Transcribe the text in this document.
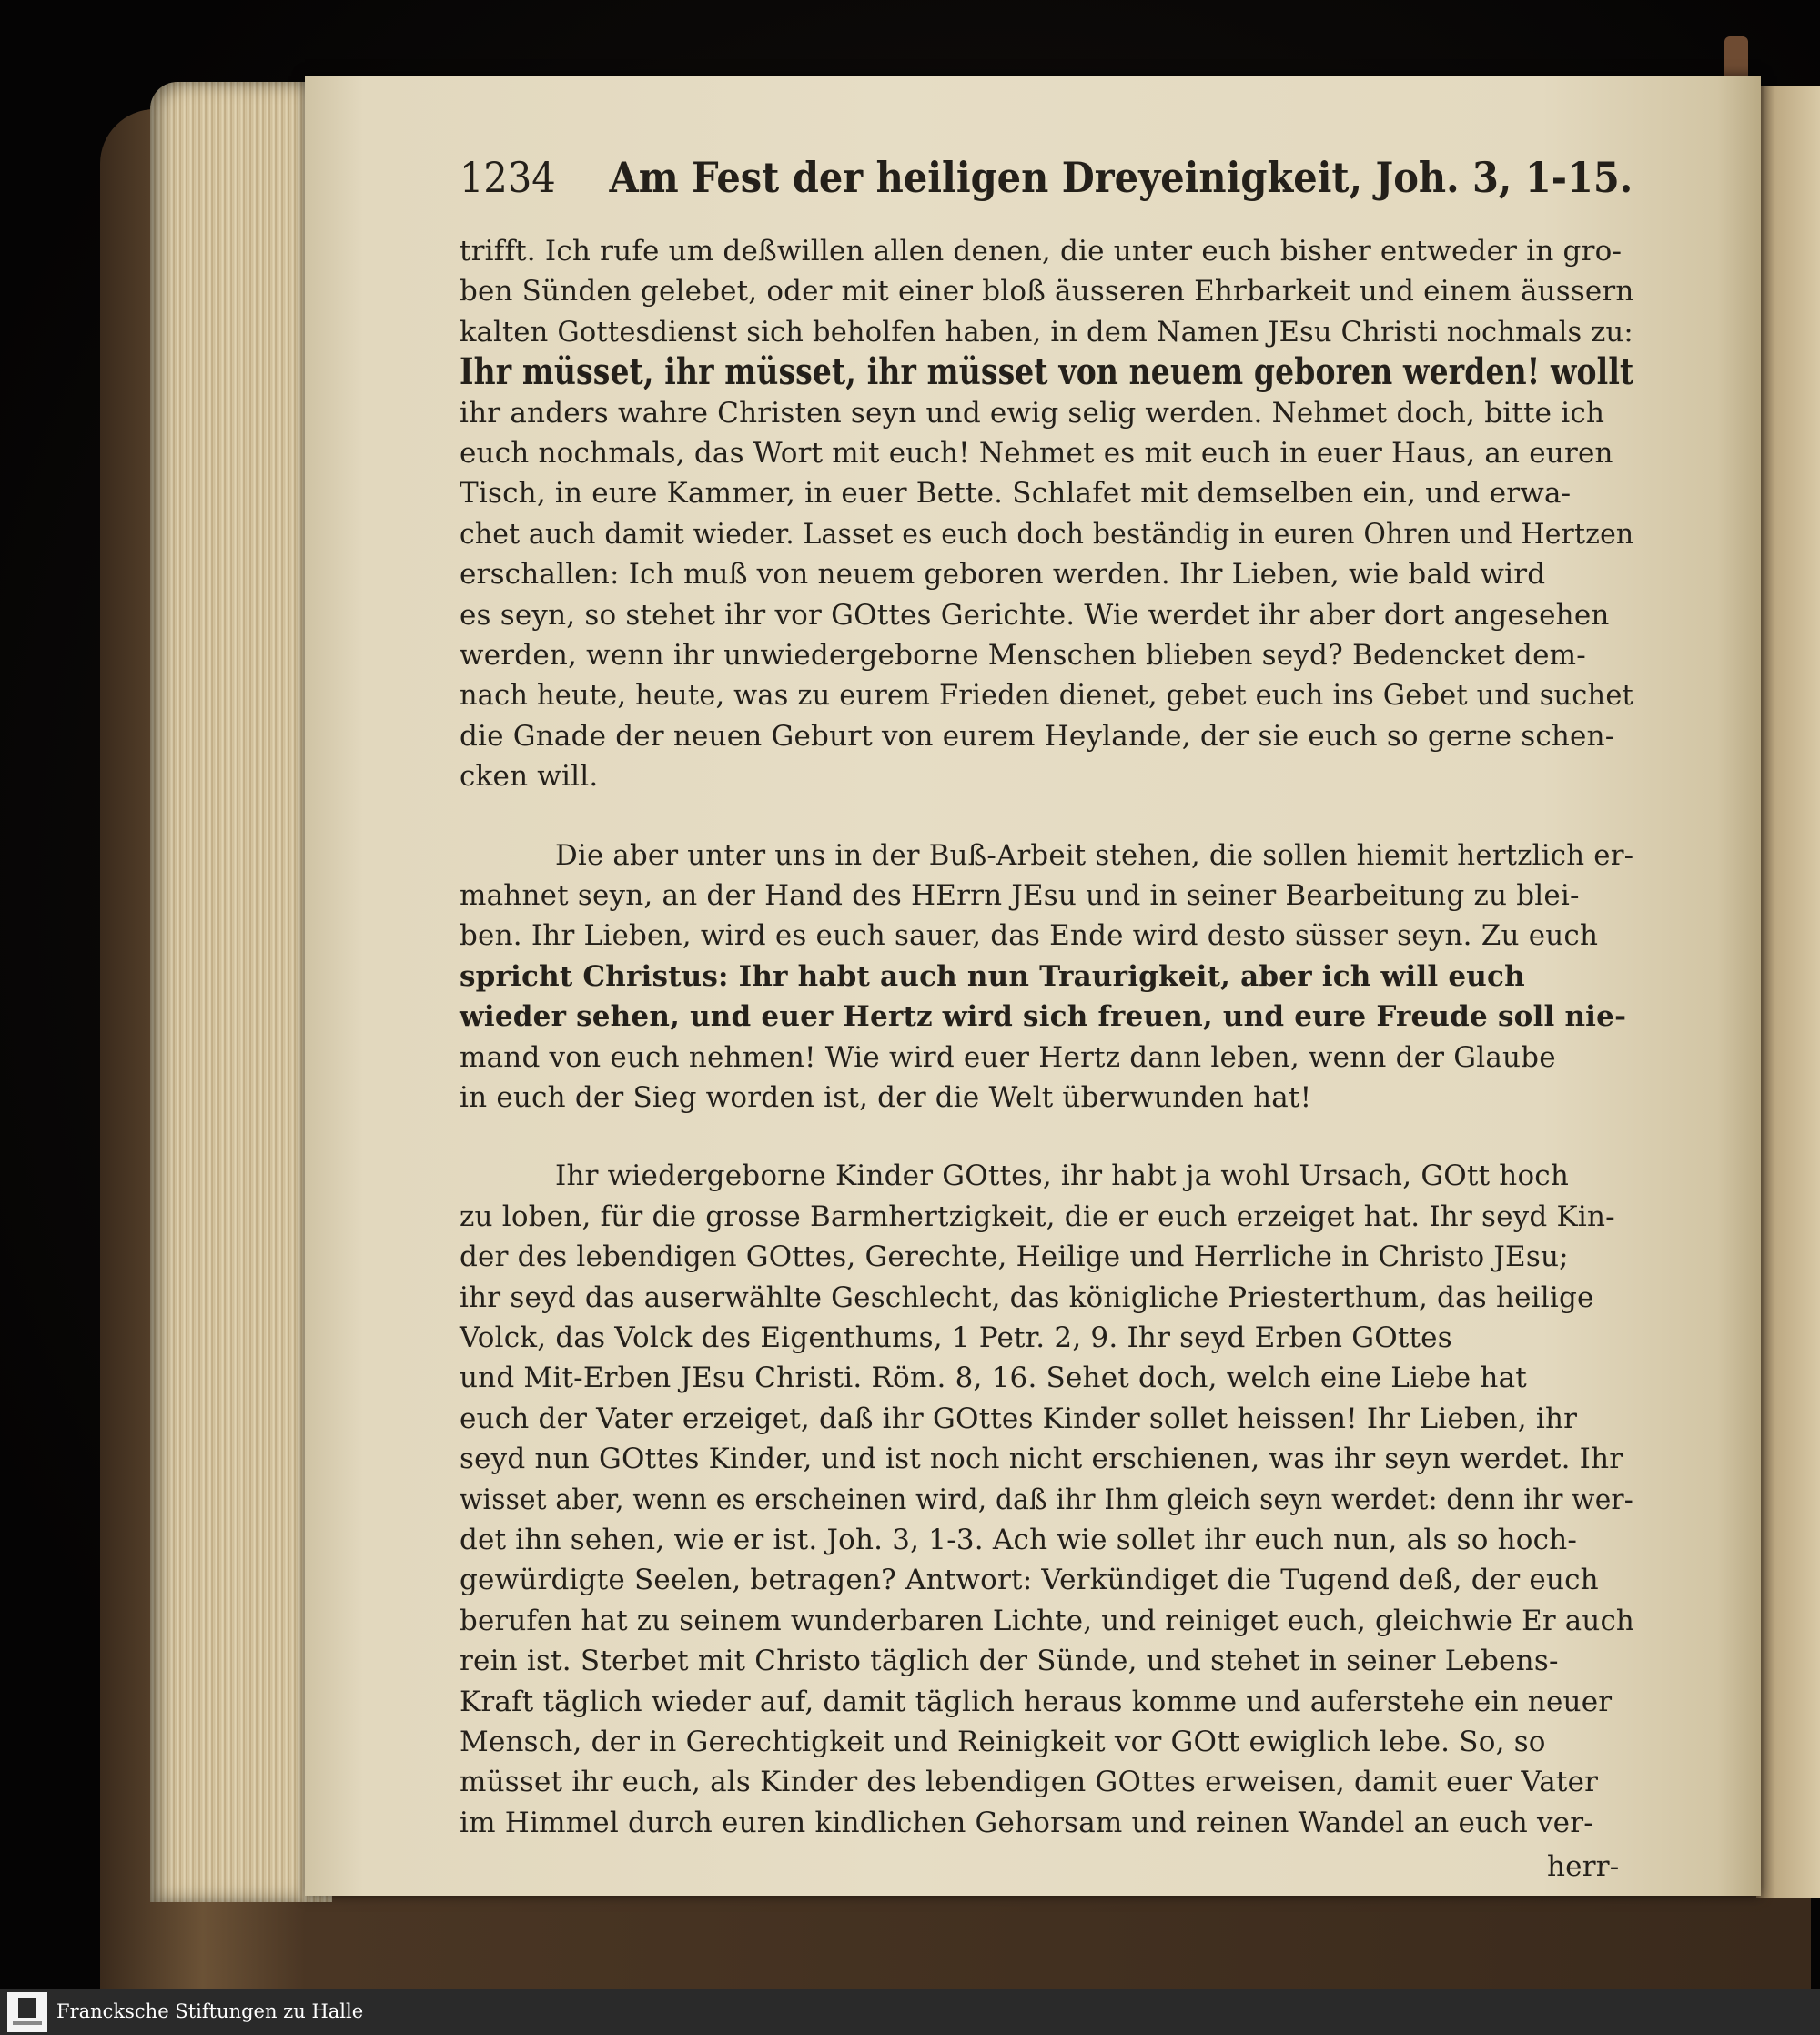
1234 Am Fest der heiligen Dreyeinigkeit, Joh. 3, 1-15.
trifft. Ich rufe um deßwillen allen denen, die unter euch bisher entweder in gro-
ben Sünden gelebet, oder mit einer bloß äusseren Ehrbarkeit und einem äussern
kalten Gottesdienst sich beholfen haben, in dem Namen JEsu Christi nochmals zu:
Ihr müsset, ihr müsset, ihr müsset von neuem geboren werden! wollt
ihr anders wahre Christen seyn und ewig selig werden. Nehmet doch, bitte ich
euch nochmals, das Wort mit euch! Nehmet es mit euch in euer Haus, an euren
Tisch, in eure Kammer, in euer Bette. Schlafet mit demselben ein, und erwa-
chet auch damit wieder. Lasset es euch doch beständig in euren Ohren und Hertzen
erschallen: Ich muß von neuem geboren werden. Ihr Lieben, wie bald wird
es seyn, so stehet ihr vor GOttes Gerichte. Wie werdet ihr aber dort angesehen
werden, wenn ihr unwiedergeborne Menschen blieben seyd? Bedencket dem-
nach heute, heute, was zu eurem Frieden dienet, gebet euch ins Gebet und suchet
die Gnade der neuen Geburt von eurem Heylande, der sie euch so gerne schen-
cken will.
Die aber unter uns in der Buß-Arbeit stehen, die sollen hiemit hertzlich er-
mahnet seyn, an der Hand des HErrn JEsu und in seiner Bearbeitung zu blei-
ben. Ihr Lieben, wird es euch sauer, das Ende wird desto süsser seyn. Zu euch
spricht Christus: Ihr habt auch nun Traurigkeit, aber ich will euch
wieder sehen, und euer Hertz wird sich freuen, und eure Freude soll nie-
mand von euch nehmen! Wie wird euer Hertz dann leben, wenn der Glaube
in euch der Sieg worden ist, der die Welt überwunden hat!
Ihr wiedergeborne Kinder GOttes, ihr habt ja wohl Ursach, GOtt hoch
zu loben, für die grosse Barmhertzigkeit, die er euch erzeiget hat. Ihr seyd Kin-
der des lebendigen GOttes, Gerechte, Heilige und Herrliche in Christo JEsu;
ihr seyd das auserwählte Geschlecht, das königliche Priesterthum, das heilige
Volck, das Volck des Eigenthums, 1 Petr. 2, 9. Ihr seyd Erben GOttes
und Mit-Erben JEsu Christi. Röm. 8, 16. Sehet doch, welch eine Liebe hat
euch der Vater erzeiget, daß ihr GOttes Kinder sollet heissen! Ihr Lieben, ihr
seyd nun GOttes Kinder, und ist noch nicht erschienen, was ihr seyn werdet. Ihr
wisset aber, wenn es erscheinen wird, daß ihr Ihm gleich seyn werdet: denn ihr wer-
det ihn sehen, wie er ist. Joh. 3, 1-3. Ach wie sollet ihr euch nun, als so hoch-
gewürdigte Seelen, betragen? Antwort: Verkündiget die Tugend deß, der euch
berufen hat zu seinem wunderbaren Lichte, und reiniget euch, gleichwie Er auch
rein ist. Sterbet mit Christo täglich der Sünde, und stehet in seiner Lebens-
Kraft täglich wieder auf, damit täglich heraus komme und auferstehe ein neuer
Mensch, der in Gerechtigkeit und Reinigkeit vor GOtt ewiglich lebe. So, so
müsset ihr euch, als Kinder des lebendigen GOttes erweisen, damit euer Vater
im Himmel durch euren kindlichen Gehorsam und reinen Wandel an euch ver-
herr-
Francksche Stiftungen zu Halle
